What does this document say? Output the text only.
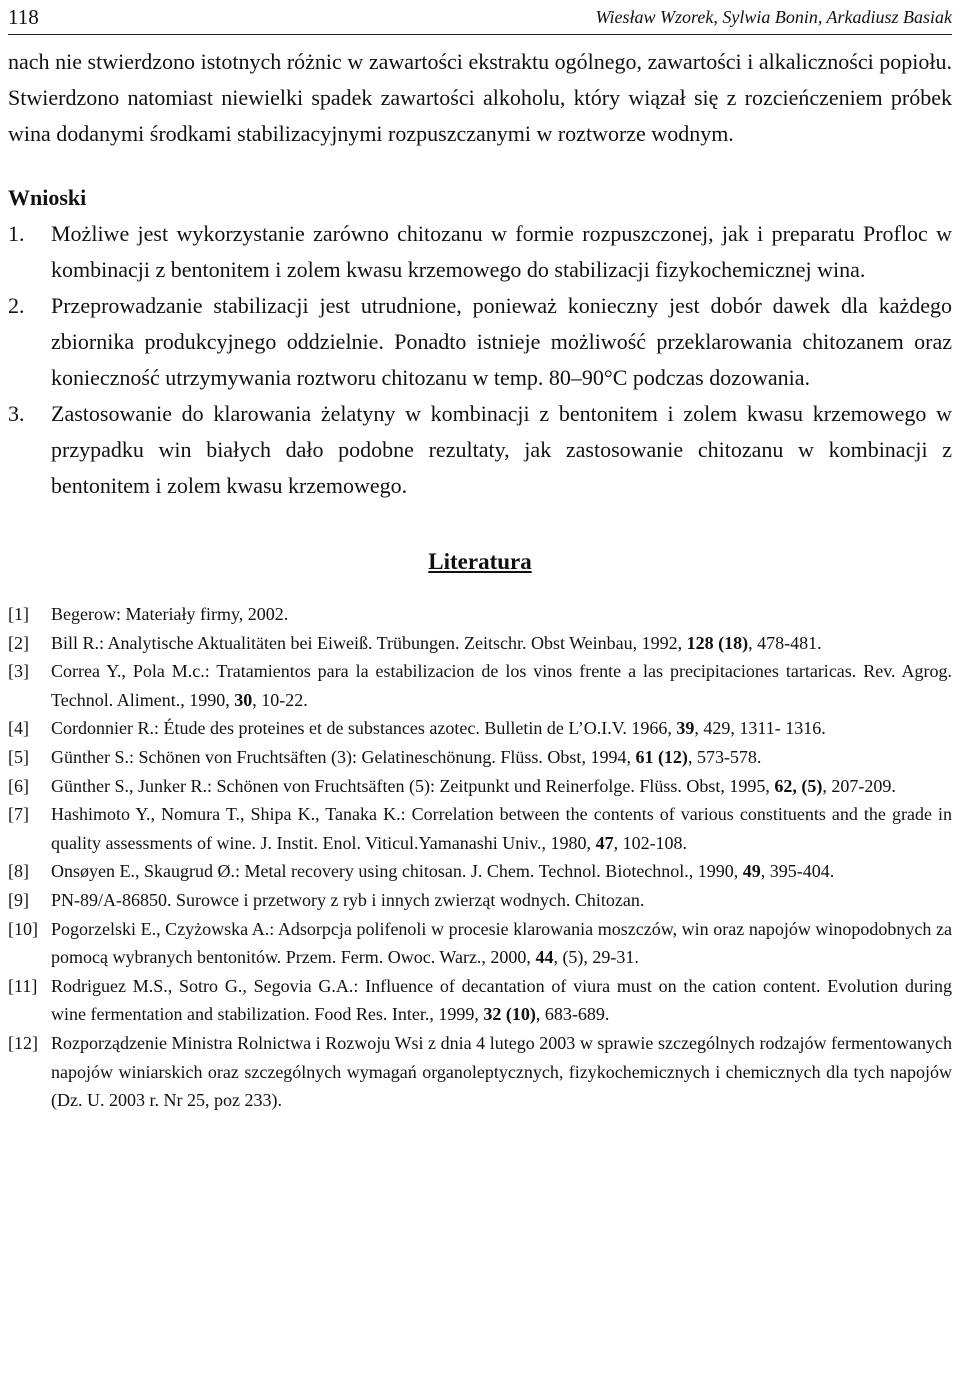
118	Wiesław Wzorek, Sylwia Bonin, Arkadiusz Basiak

nach nie stwierdzono istotnych różnic w zawartości ekstraktu ogólnego, zawartości i alkaliczności popiołu. Stwierdzono natomiast niewielki spadek zawartości alkoholu, który wiązał się z rozcieńczeniem próbek wina dodanymi środkami stabilizacyjnymi rozpuszczanymi w roztworze wodnym.

Wnioski

1.	Możliwe jest wykorzystanie zarówno chitozanu w formie rozpuszczonej, jak i preparatu Profloc w kombinacji z bentonitem i zolem kwasu krzemowego do stabilizacji fizykochemicznej wina.
2.	Przeprowadzanie stabilizacji jest utrudnione, ponieważ konieczny jest dobór dawek dla każdego zbiornika produkcyjnego oddzielnie. Ponadto istnieje możliwość przeklarowania chitozanem oraz konieczność utrzymywania roztworu chitozanu w temp. 80–90°C podczas dozowania.
3.	Zastosowanie do klarowania żelatyny w kombinacji z bentonitem i zolem kwasu krzemowego w przypadku win białych dało podobne rezultaty, jak zastosowanie chitozanu w kombinacji z bentonitem i zolem kwasu krzemowego.

Literatura

[1]	Begerow: Materiały firmy, 2002.
[2]	Bill R.: Analytische Aktualitäten bei Eiweiß. Trübungen. Zeitschr. Obst Weinbau, 1992, 128 (18), 478-481.
[3]	Correa Y., Pola M.c.: Tratamientos para la estabilizacion de los vinos frente a las precipitaciones tartaricas. Rev. Agrog. Technol. Aliment., 1990, 30, 10-22.
[4]	Cordonnier R.: Étude des proteines et de substances azotec. Bulletin de L’O.I.V. 1966, 39, 429, 1311- 1316.
[5]	Günther S.: Schönen von Fruchtsäften (3): Gelatineschönung. Flüss. Obst, 1994, 61 (12), 573-578.
[6]	Günther S., Junker R.: Schönen von Fruchtsäften (5): Zeitpunkt und Reinerfolge. Flüss. Obst, 1995, 62, (5), 207-209.
[7]	Hashimoto Y., Nomura T., Shipa K., Tanaka K.: Correlation between the contents of various constituents and the grade in quality assessments of wine. J. Instit. Enol. Viticul.Yamanashi Univ., 1980, 47, 102-108.
[8]	Onsøyen E., Skaugrud Ø.: Metal recovery using chitosan. J. Chem. Technol. Biotechnol., 1990, 49, 395-404.
[9]	PN-89/A-86850. Surowce i przetwory z ryb i innych zwierząt wodnych. Chitozan.
[10] Pogorzelski E., Czyżowska A.: Adsorpcja polifenoli w procesie klarowania moszczów, win oraz napojów winopodobnych za pomocą wybranych bentonitów. Przem. Ferm. Owoc. Warz., 2000, 44, (5), 29-31.
[11] Rodriguez M.S., Sotro G., Segovia G.A.: Influence of decantation of viura must on the cation content. Evolution during wine fermentation and stabilization. Food Res. Inter., 1999, 32 (10), 683-689.
[12] Rozporządzenie Ministra Rolnictwa i Rozwoju Wsi z dnia 4 lutego 2003 w sprawie szczególnych rodzajów fermentowanych napojów winiarskich oraz szczególnych wymagań organoleptycznych, fizykochemicznych i chemicznych dla tych napojów (Dz. U. 2003 r. Nr 25, poz 233).
